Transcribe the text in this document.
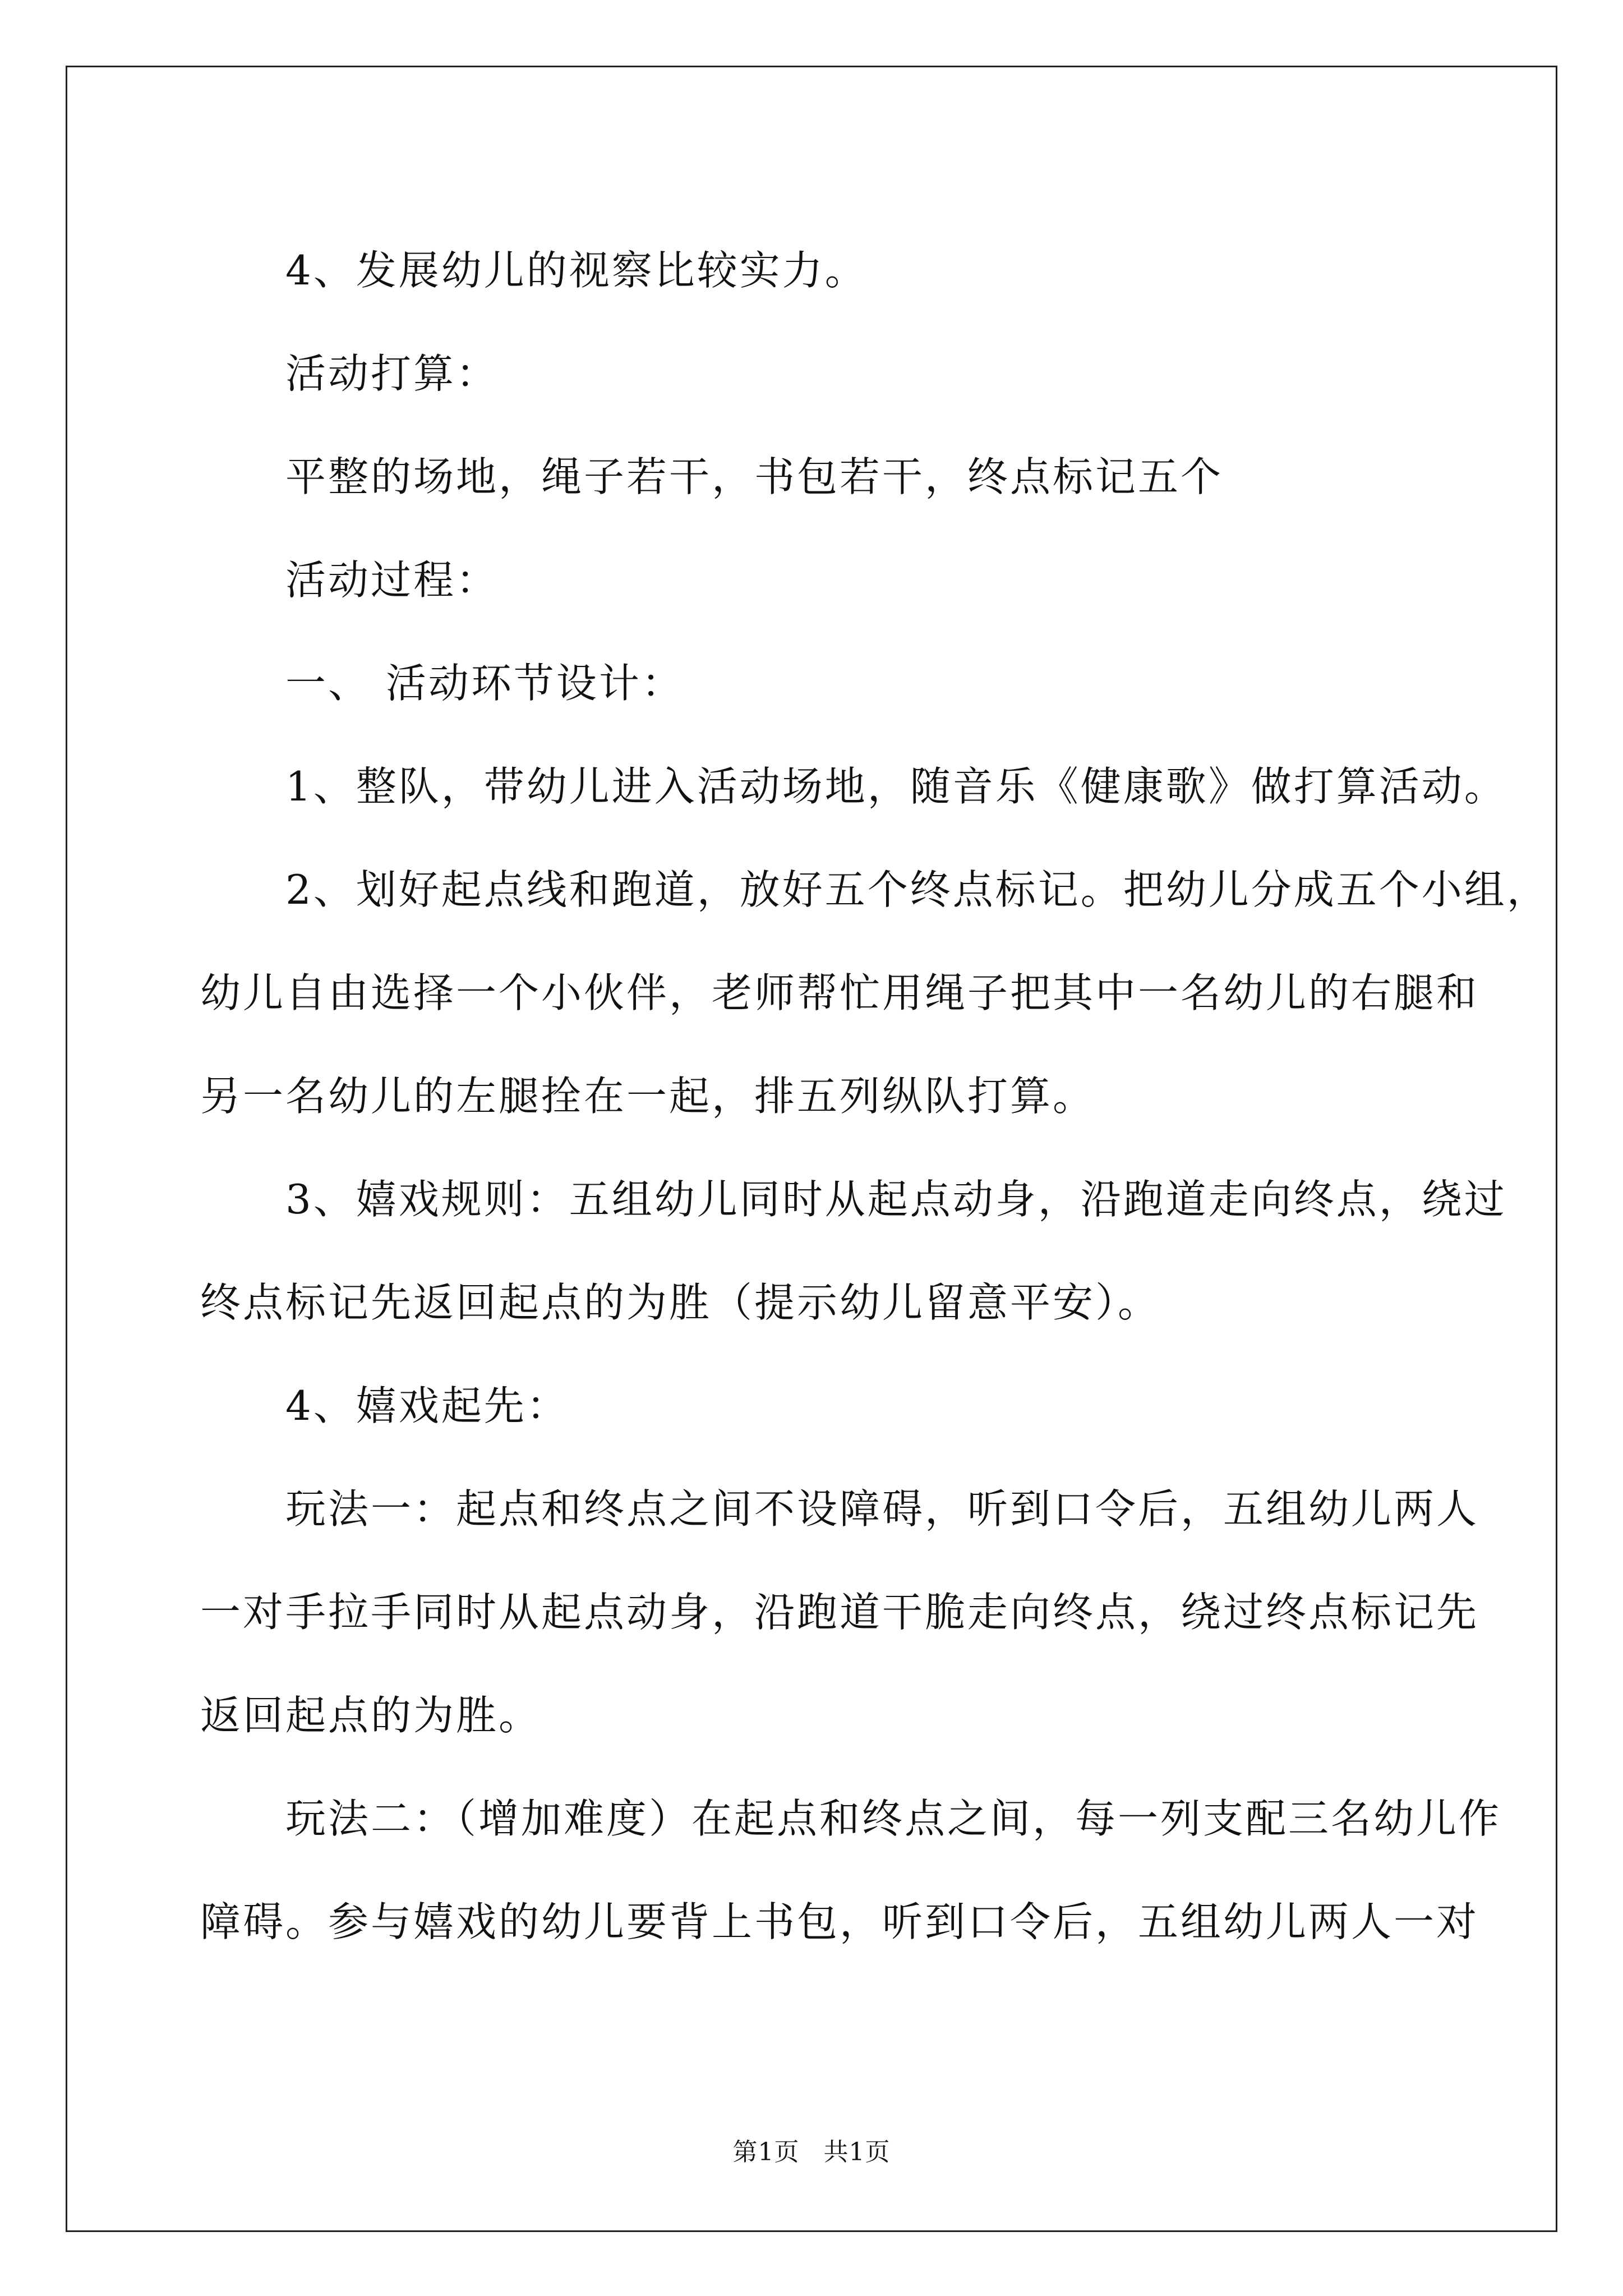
4、发展幼儿的视察比较实力。

活动打算：

平整的场地，绳子若干，书包若干，终点标记五个

活动过程：

一、 活动环节设计：

1、整队，带幼儿进入活动场地，随音乐《健康歌》做打算活动。

2、划好起点线和跑道，放好五个终点标记。把幼儿分成五个小组，

幼儿自由选择一个小伙伴，老师帮忙用绳子把其中一名幼儿的右腿和

另一名幼儿的左腿拴在一起，排五列纵队打算。

3、嬉戏规则：五组幼儿同时从起点动身，沿跑道走向终点，绕过

终点标记先返回起点的为胜（提示幼儿留意平安）。

4、嬉戏起先：

玩法一：起点和终点之间不设障碍，听到口令后，五组幼儿两人

一对手拉手同时从起点动身，沿跑道干脆走向终点，绕过终点标记先

返回起点的为胜。

玩法二：（增加难度）在起点和终点之间，每一列支配三名幼儿作

障碍。参与嬉戏的幼儿要背上书包，听到口令后，五组幼儿两人一对

第1页 共1页
